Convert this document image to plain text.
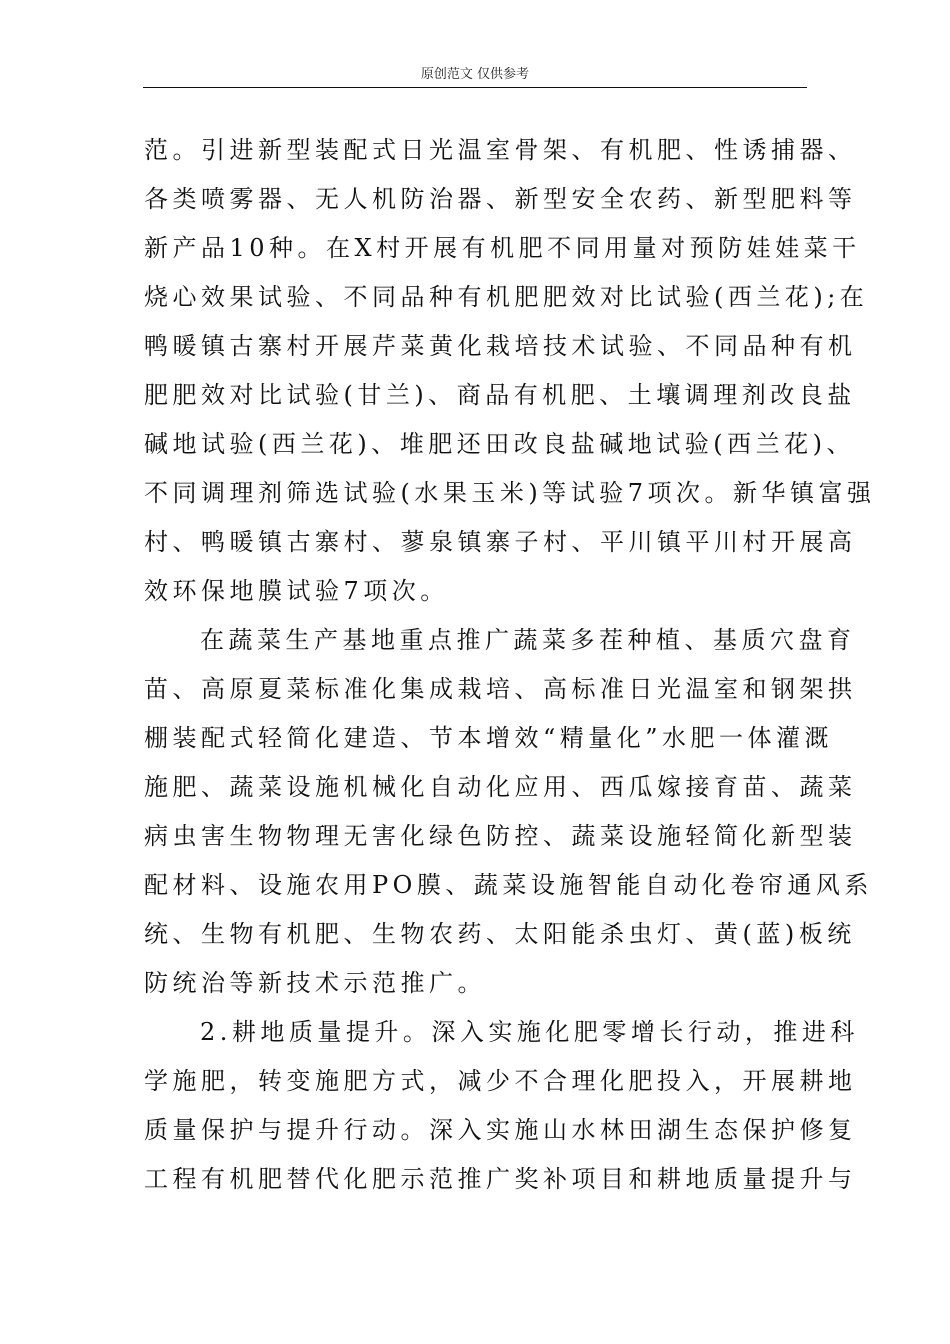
原创范文 仅供参考
范。引进新型装配式日光温室骨架、有机肥、性诱捕器、
各类喷雾器、无人机防治器、新型安全农药、新型肥料等
新产品10种。在X村开展有机肥不同用量对预防娃娃菜干
烧心效果试验、不同品种有机肥肥效对比试验(西兰花);在
鸭暖镇古寨村开展芹菜黄化栽培技术试验、不同品种有机
肥肥效对比试验(甘兰)、商品有机肥、土壤调理剂改良盐
碱地试验(西兰花)、堆肥还田改良盐碱地试验(西兰花)、
不同调理剂筛选试验(水果玉米)等试验7项次。新华镇富强
村、鸭暖镇古寨村、蓼泉镇寨子村、平川镇平川村开展高
效环保地膜试验7项次。
在蔬菜生产基地重点推广蔬菜多茬种植、基质穴盘育
苗、高原夏菜标准化集成栽培、高标准日光温室和钢架拱
棚装配式轻简化建造、节本增效“精量化”水肥一体灌溉
施肥、蔬菜设施机械化自动化应用、西瓜嫁接育苗、蔬菜
病虫害生物物理无害化绿色防控、蔬菜设施轻简化新型装
配材料、设施农用PO膜、蔬菜设施智能自动化卷帘通风系
统、生物有机肥、生物农药、太阳能杀虫灯、黄(蓝)板统
防统治等新技术示范推广。
2.耕地质量提升。深入实施化肥零增长行动，推进科
学施肥，转变施肥方式，减少不合理化肥投入，开展耕地
质量保护与提升行动。深入实施山水林田湖生态保护修复
工程有机肥替代化肥示范推广奖补项目和耕地质量提升与
